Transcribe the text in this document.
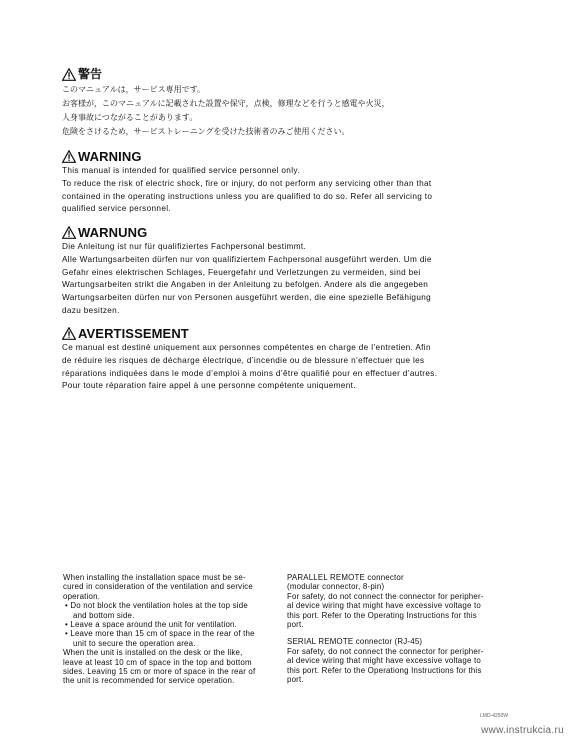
警告
このマニュアルは，サービス専用です。
お客様が，このマニュアルに記載された設置や保守，点検，修理などを行うと感電や火災，
人身事故につながることがあります。
危険をさけるため，サービストレーニングを受けた技術者のみご使用ください。
WARNING
This manual is intended for qualified service personnel only.
To reduce the risk of electric shock, fire or injury, do not perform any servicing other than that
contained in the operating instructions unless you are qualified to do so. Refer all servicing to
qualified service personnel.
WARNUNG
Die Anleitung ist nur für qualifiziertes Fachpersonal bestimmt.
Alle Wartungsarbeiten dürfen nur von qualifiziertem Fachpersonal ausgeführt werden. Um die
Gefahr eines elektrischen Schlages, Feuergefahr und Verletzungen zu vermeiden, sind bei
Wartungsarbeiten strikt die Angaben in der Anleitung zu befolgen. Andere als die angegeben
Wartungsarbeiten dürfen nur von Personen ausgeführt werden, die eine spezielle Befähigung
dazu besitzen.
AVERTISSEMENT
Ce manual est destiné uniquement aux personnes compétentes en charge de l’entretien. Afin
de réduire les risques de décharge électrique, d’incendie ou de blessure n’effectuer que les
réparations indiquées dans le mode d’emploi à moins d’être qualifié pour en effectuer d’autres.
Pour toute réparation faire appel à une personne compétente uniquement.
When installing the installation space must be se-
cured in consideration of the ventilation and service
operation.
• Do not block the ventilation holes at the top side
and bottom side.
• Leave a space around the unit for ventilation.
• Leave more than 15 cm of space in the rear of the
unit to secure the operation area.
When the unit is installed on the desk or the like,
leave at least 10 cm of space in the top and bottom
sides. Leaving 15 cm or more of space in the rear of
the unit is recommended for service operation.
PARALLEL REMOTE connector
(modular connector, 8-pin)
For safety, do not connect the connector for peripher-
al device wiring that might have excessive voltage to
this port. Refer to the Operating Instructions for this
port.
SERIAL REMOTE connector (RJ-45)
For safety, do not connect the connector for peripher-
al device wiring that might have excessive voltage to
this port. Refer to the Operationg Instructions for this
port.
LMD-4250W
www.instrukcia.ru
